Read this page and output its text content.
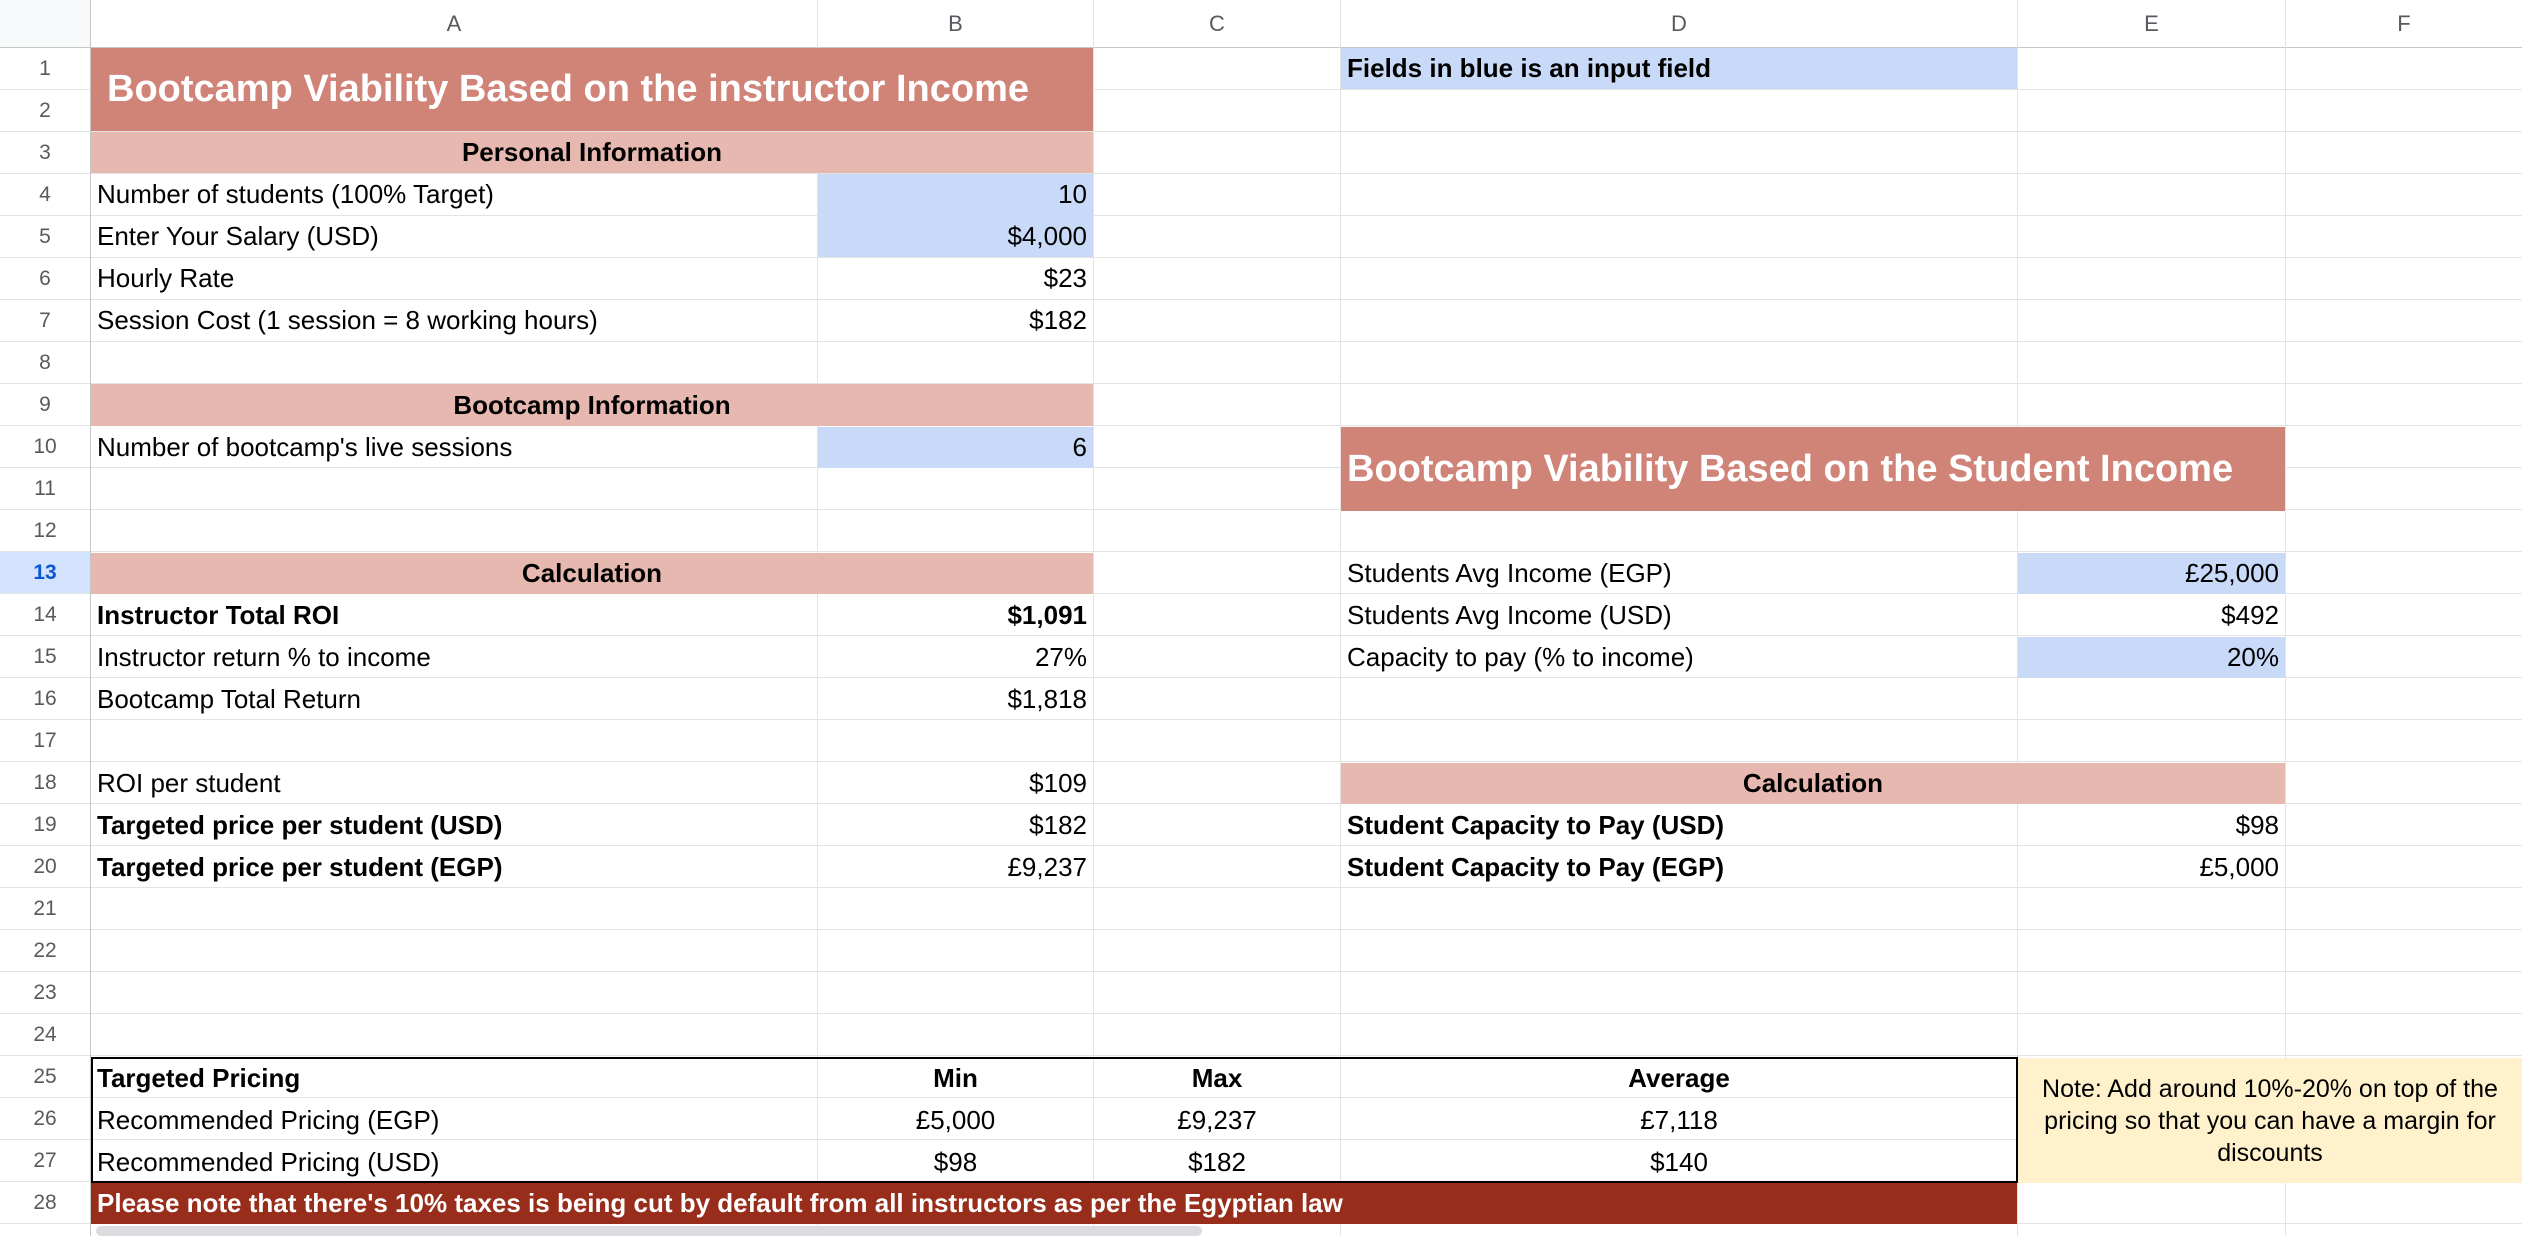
A	B	C	D	E	F
1
2
3
4
5
6
7
8
9
10
11
12
13
14
15
16
17
18
19
20
21
22
23
24
25
26
27
28
Bootcamp Viability Based on the instructor Income
Personal Information
Number of students (100% Target)	10
Enter Your Salary (USD)	$4,000
Hourly Rate	$23
Session Cost (1 session = 8 working hours)	$182
Bootcamp Information
Number of bootcamp's live sessions	6
Calculation
Instructor Total ROI	$1,091
Instructor return % to income	27%
Bootcamp Total Return	$1,818
ROI per student	$109
Targeted price per student (USD)	$182
Targeted price per student (EGP)	£9,237
Fields in blue is an input field
Bootcamp Viability Based on the Student Income
Students Avg Income (EGP)	£25,000
Students Avg Income (USD)	$492
Capacity to pay (% to income)	20%
Calculation
Student Capacity to Pay (USD)	$98
Student Capacity to Pay (EGP)	£5,000
Targeted Pricing	Min	Max	Average
Recommended Pricing (EGP)	£5,000	£9,237	£7,118
Recommended Pricing (USD)	$98	$182	$140
Note: Add around 10%-20% on top of the pricing so that you can have a margin for discounts
Please note that there's 10% taxes is being cut by default from all instructors as per the Egyptian law
